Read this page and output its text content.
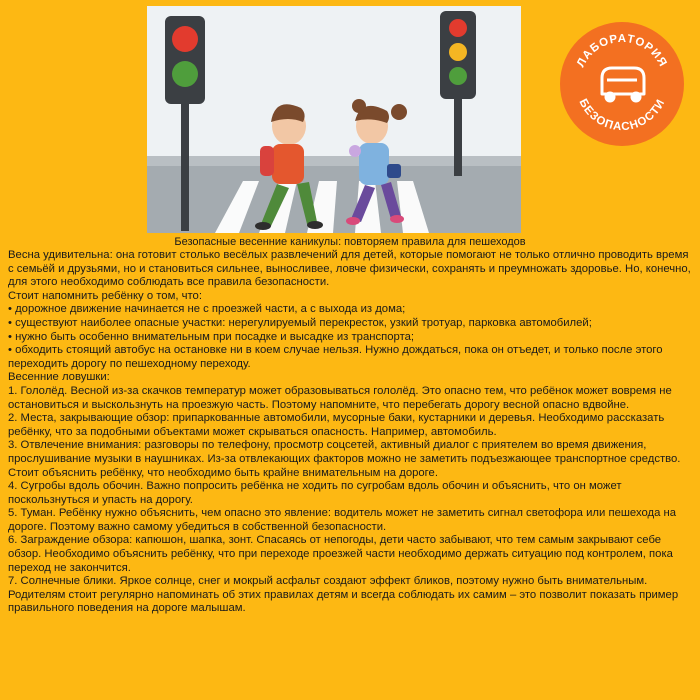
ЛАБОРАТОРИЯ
БЕЗОПАСНОСТИ
Безопасные весенние каникулы: повторяем правила для пешеходов

Весна удивительна: она готовит столько весёлых развлечений для детей, которые помогают не только отлично проводить время с семьёй и друзьями, но и становиться сильнее, выносливее, ловче физически, сохранять и преумножать здоровье. Но, конечно, для этого необходимо соблюдать все правила безопасности.

Стоит напомнить ребёнку о том, что:

• дорожное движение начинается не с проезжей части, а с выхода из дома;

• существуют наиболее опасные участки: нерегулируемый перекресток, узкий тротуар, парковка автомобилей;

• нужно быть особенно внимательным при посадке и высадке из транспорта;

• обходить стоящий автобус на остановке ни в коем случае нельзя. Нужно дождаться, пока он отъедет, и только после этого переходить дорогу по пешеходному переходу.

Весенние ловушки:

1. Гололёд. Весной из-за скачков температур может образовываться гололёд. Это опасно тем, что ребёнок может вовремя не остановиться и выскользнуть на проезжую часть. Поэтому напомните, что перебегать дорогу весной опасно вдвойне.

2. Места, закрывающие обзор: припаркованные автомобили, мусорные баки, кустарники и деревья. Необходимо рассказать ребёнку, что за подобными объектами может скрываться опасность. Например, автомобиль.

3. Отвлечение внимания: разговоры по телефону, просмотр соцсетей, активный диалог с приятелем во время движения, прослушивание музыки в наушниках. Из-за отвлекающих факторов можно не заметить подъезжающее транспортное средство. Стоит объяснить ребёнку, что необходимо быть крайне внимательным на дороге.

4. Сугробы вдоль обочин. Важно попросить ребёнка не ходить по сугробам вдоль обочин и объяснить, что он может поскользнуться и упасть на дорогу.

5. Туман. Ребёнку нужно объяснить, чем опасно это явление: водитель может не заметить сигнал светофора или пешехода на дороге. Поэтому важно самому убедиться в собственной безопасности.

6. Заграждение обзора: капюшон, шапка, зонт. Спасаясь от непогоды, дети часто забывают, что тем самым закрывают себе обзор. Необходимо объяснить ребёнку, что при переходе проезжей части необходимо держать ситуацию под контролем, пока переход не закончится.

7. Солнечные блики. Яркое солнце, снег и мокрый асфальт создают эффект бликов, поэтому нужно быть внимательным.

Родителям стоит регулярно напоминать об этих правилах детям и всегда соблюдать их самим – это позволит показать пример правильного поведения на дороге малышам.
